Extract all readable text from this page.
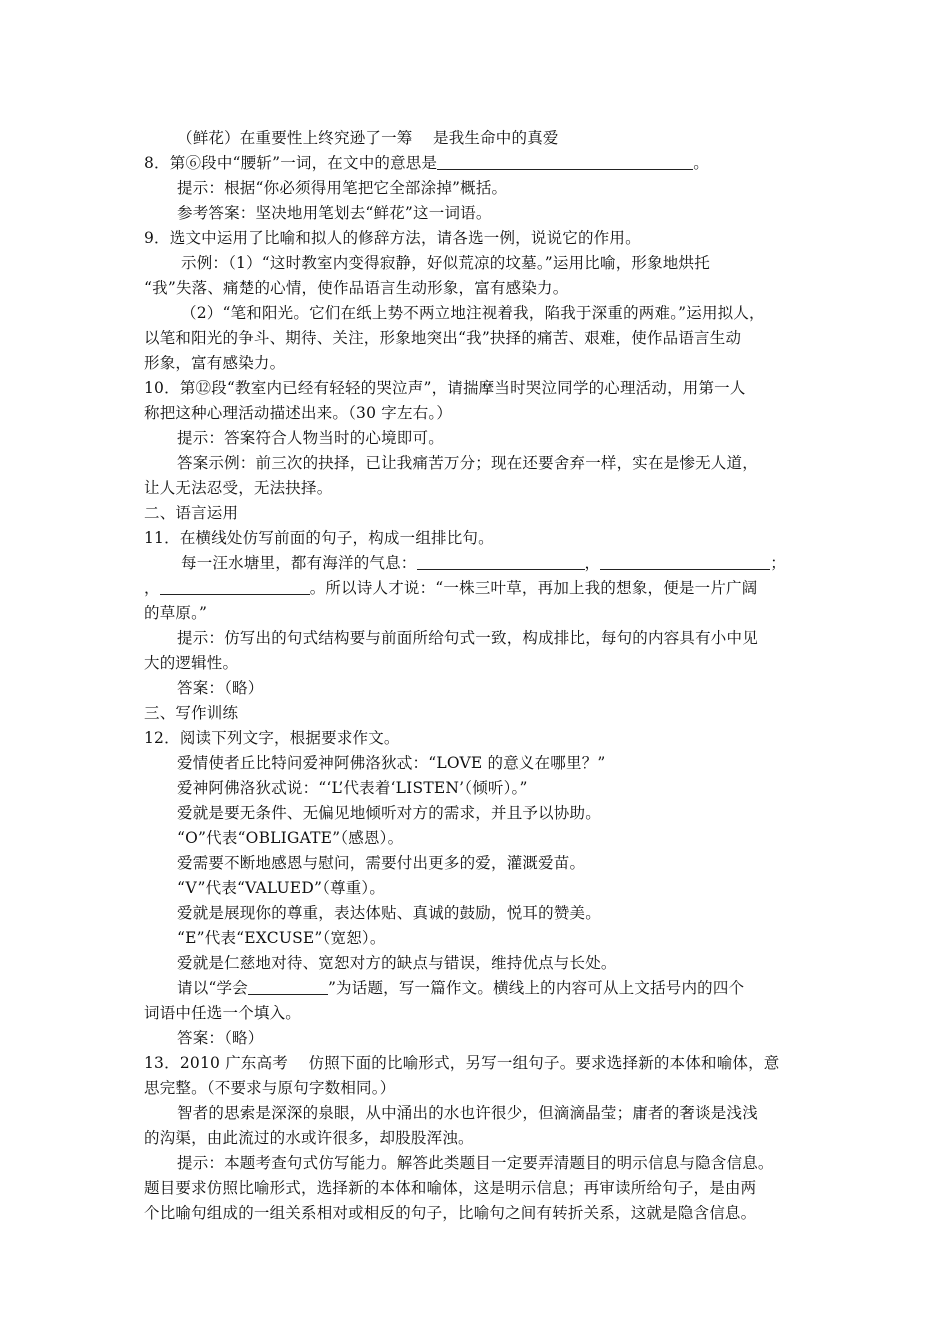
（鲜花）在重要性上终究逊了一筹    是我生命中的真爱
8．第⑥段中“腰斩”一词，在文中的意思是	。
提示：根据“你必须得用笔把它全部涂掉”概括。
参考答案：坚决地用笔划去“鲜花”这一词语。
9．选文中运用了比喻和拟人的修辞方法，请各选一例，说说它的作用。
示例：（1）“这时教室内变得寂静，好似荒凉的坟墓。”运用比喻，形象地烘托
“我”失落、痛楚的心情，使作品语言生动形象，富有感染力。
（2）“笔和阳光。它们在纸上势不两立地注视着我，陷我于深重的两难。”运用拟人，
以笔和阳光的争斗、期待、关注，形象地突出“我”抉择的痛苦、艰难，使作品语言生动
形象，富有感染力。
10．第⑫段“教室内已经有轻轻的哭泣声”，请揣摩当时哭泣同学的心理活动，用第一人
称把这种心理活动描述出来。（30 字左右。）
提示：答案符合人物当时的心境即可。
答案示例：前三次的抉择，已让我痛苦万分；现在还要舍弃一样，实在是惨无人道，
让人无法忍受，无法抉择。
二、语言运用
11．在横线处仿写前面的句子，构成一组排比句。
每一汪水塘里，都有海洋的气息：	，	；
，	。所以诗人才说：“一株三叶草，再加上我的想象，便是一片广阔
的草原。”
提示：仿写出的句式结构要与前面所给句式一致，构成排比，每句的内容具有小中见
大的逻辑性。
答案：（略）
三、写作训练
12．阅读下列文字，根据要求作文。
爱情使者丘比特问爱神阿佛洛狄忒：“LOVE 的意义在哪里？”
爱神阿佛洛狄忒说：“‘L’代表着‘LISTEN’（倾听）。”
爱就是要无条件、无偏见地倾听对方的需求，并且予以协助。
“O”代表“OBLIGATE”（感恩）。
爱需要不断地感恩与慰问，需要付出更多的爱，灌溉爱苗。
“V”代表“VALUED”（尊重）。
爱就是展现你的尊重，表达体贴、真诚的鼓励，悦耳的赞美。
“E”代表“EXCUSE”（宽恕）。
爱就是仁慈地对待、宽恕对方的缺点与错误，维持优点与长处。
请以“学会	”为话题，写一篇作文。横线上的内容可从上文括号内的四个
词语中任选一个填入。
答案：（略）
13．2010 广东高考    仿照下面的比喻形式，另写一组句子。要求选择新的本体和喻体，意
思完整。（不要求与原句字数相同。）
智者的思索是深深的泉眼，从中涌出的水也许很少，但滴滴晶莹；庸者的奢谈是浅浅
的沟渠，由此流过的水或许很多，却股股浑浊。
提示：本题考查句式仿写能力。解答此类题目一定要弄清题目的明示信息与隐含信息。
题目要求仿照比喻形式，选择新的本体和喻体，这是明示信息；再审读所给句子，是由两
个比喻句组成的一组关系相对或相反的句子，比喻句之间有转折关系，这就是隐含信息。
